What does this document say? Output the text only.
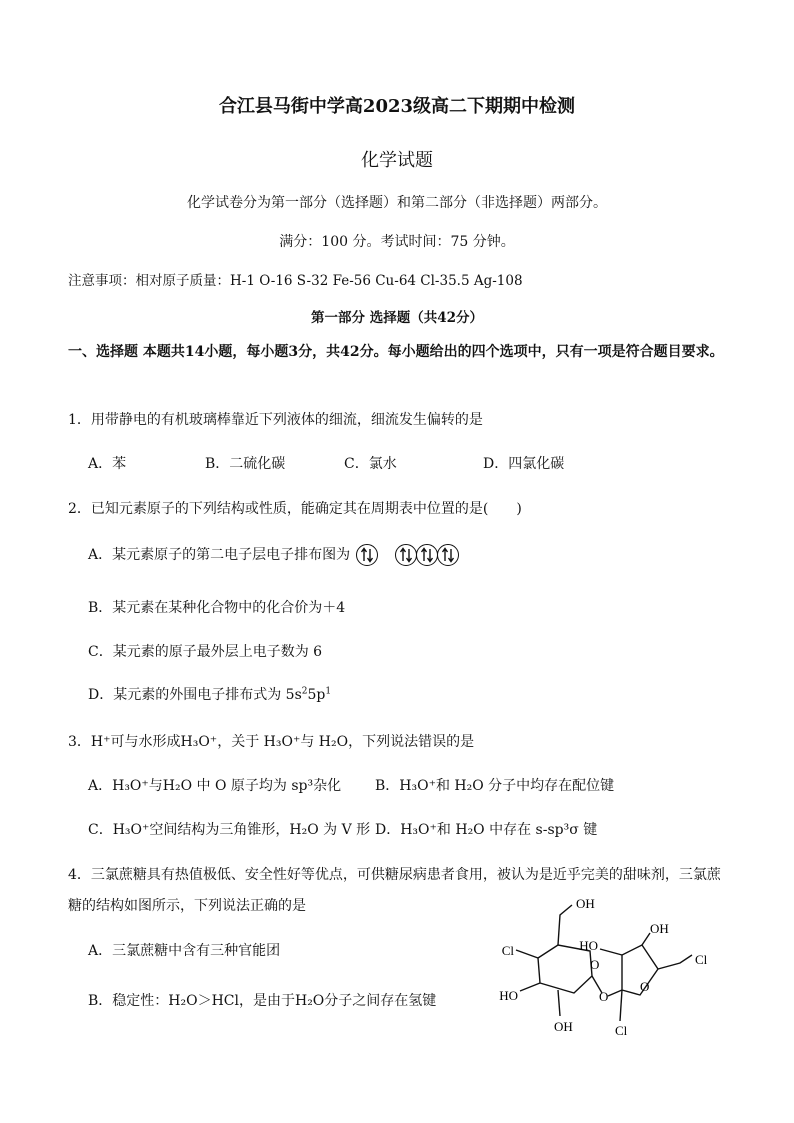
合江县马街中学高2023级高二下期期中检测
化学试题
化学试卷分为第一部分（选择题）和第二部分（非选择题）两部分。
满分：100 分。考试时间：75 分钟。
注意事项：相对原子质量：H-1 O-16 S-32 Fe-56 Cu-64 Cl-35.5 Ag-108
第一部分 选择题（共42分）
一、选择题 本题共14小题，每小题3分，共42分。每小题给出的四个选项中，只有一项是符合题目要求。
1．用带静电的有机玻璃棒靠近下列液体的细流，细流发生偏转的是
A．苯	B．二硫化碳	C．氯水	D．四氯化碳
2．已知元素原子的下列结构或性质，能确定其在周期表中位置的是(　　)
A．某元素原子的第二电子层电子排布图为

B．某元素在某种化合物中的化合价为＋4
C．某元素的原子最外层上电子数为 6
D．某元素的外围电子排布式为 $5s^25p^1$
3．H⁺可与水形成H₃O⁺，关于 H₃O⁺与 H₂O，下列说法错误的是
A．H₃O⁺与H₂O 中 O 原子均为 sp³杂化 B．H₃O⁺和 H₂O 分子中均存在配位键
C．H₃O⁺空间结构为三角锥形，H₂O 为 V 形 D．H₃O⁺和 H₂O 中存在 s-sp³σ 键
4．三氯蔗糖具有热值极低、安全性好等优点，可供糖尿病患者食用，被认为是近乎完美的甜味剂，三氯蔗
糖的结构如图所示，下列说法正确的是
A．三氯蔗糖中含有三种官能团
B．稳定性：H₂O＞HCl，是由于H₂O分子之间存在氢键
OH
HO
OH
Cl
Cl
HO
O
O
O
OH	Cl
